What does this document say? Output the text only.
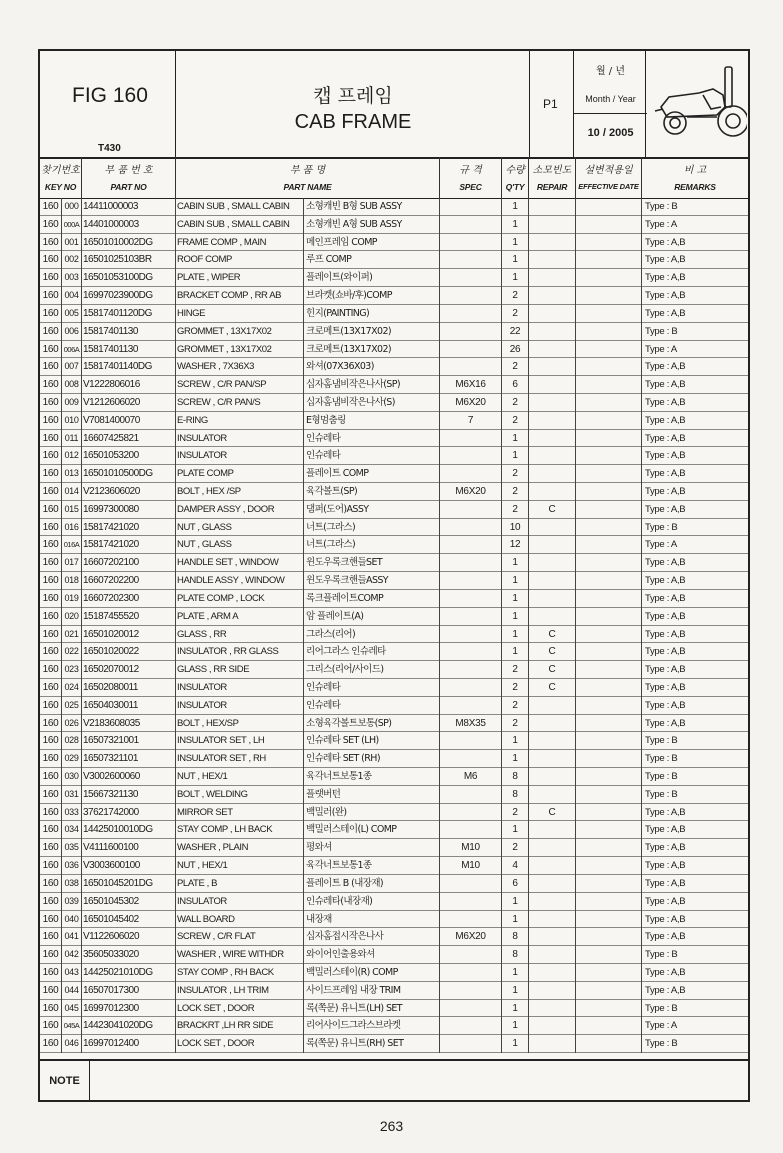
FIG 160
T430
캡 프레임
CAB FRAME
P1
월 / 년
Month / Year
10 / 2005
찾기번호
KEY NO
부 품 번 호
PART NO
부 품 명
PART NAME
규 격
SPEC
수량
Q'TY
소모빈도
REPAIR
설변적용일
EFFECTIVE DATE
비 고
REMARKS
160 000 14411000003	CABIN SUB , SMALL CABIN	소형캐빈 B형 SUB ASSY	1	Type : B
160 000A 14401000003	CABIN SUB , SMALL CABIN	소형캐빈 A형 SUB ASSY	1	Type : A
160 001 16501010002DG	FRAME COMP , MAIN	메인프레임 COMP	1	Type : A,B
160 002 16501025103BR	ROOF COMP	루프 COMP	1	Type : A,B
160 003 16501053100DG	PLATE , WIPER	플레이트(와이퍼)	1	Type : A,B
160 004 16997023900DG	BRACKET COMP , RR AB	브라켓(쇼바/후)COMP	2	Type : A,B
160 005 15817401120DG	HINGE	힌지(PAINTING)	2	Type : A,B
160 006 15817401130	GROMMET , 13X17X02	크로메트(13X17X02)	22	Type : B
160 006A 15817401130	GROMMET , 13X17X02	크로메트(13X17X02)	26	Type : A
160 007 15817401140DG	WASHER , 7X36X3	와셔(07X36X03)	2	Type : A,B
160 008 V1222806016	SCREW , C/R PAN/SP	십자홈냄비작은나사(SP)	M6X16	6	Type : A,B
160 009 V1212606020	SCREW , C/R PAN/S	십자홈냄비작은나사(S)	M6X20	2	Type : A,B
160 010 V7081400070	E-RING	E형멈춤링	7	2	Type : A,B
160 011 16607425821	INSULATOR	인슈레타	1	Type : A,B
160 012 16501053200	INSULATOR	인슈레타	1	Type : A,B
160 013 16501010500DG	PLATE COMP	플레이트 COMP	2	Type : A,B
160 014 V2123606020	BOLT , HEX /SP	육각볼트(SP)	M6X20	2	Type : A,B
160 015 16997300080	DAMPER ASSY , DOOR	댐퍼(도어)ASSY	2	C	Type : A,B
160 016 15817421020	NUT , GLASS	너트(그라스)	10	Type : B
160 016A 15817421020	NUT , GLASS	너트(그라스)	12	Type : A
160 017 16607202100	HANDLE SET , WINDOW	윈도우록크핸들SET	1	Type : A,B
160 018 16607202200	HANDLE ASSY , WINDOW	윈도우록크핸들ASSY	1	Type : A,B
160 019 16607202300	PLATE COMP , LOCK	록크플레이트COMP	1	Type : A,B
160 020 15187455520	PLATE , ARM A	암 플레이트(A)	1	Type : A,B
160 021 16501020012	GLASS , RR	그라스(리어)	1	C	Type : A,B
160 022 16501020022	INSULATOR , RR GLASS	리어그라스 인슈레타	1	C	Type : A,B
160 023 16502070012	GLASS , RR SIDE	그리스(리어/사이드)	2	C	Type : A,B
160 024 16502080011	INSULATOR	인슈레타	2	C	Type : A,B
160 025 16504030011	INSULATOR	인슈레타	2	Type : A,B
160 026 V2183608035	BOLT , HEX/SP	소형육각볼트보통(SP)	M8X35	2	Type : A,B
160 028 16507321001	INSULATOR SET , LH	인슈레타 SET (LH)	1	Type : B
160 029 16507321101	INSULATOR SET , RH	인슈레타 SET (RH)	1	Type : B
160 030 V3002600060	NUT , HEX/1	육각너트보통1종	M6	8	Type : B
160 031 15667321130	BOLT , WELDING	플랫버턴	8	Type : B
160 033 37621742000	MIRROR SET	백밀러(완)	2	C	Type : A,B
160 034 14425010010DG	STAY COMP , LH BACK	백밀러스테이(L) COMP	1	Type : A,B
160 035 V4111600100	WASHER , PLAIN	평와셔	M10	2	Type : A,B
160 036 V3003600100	NUT , HEX/1	육각너트보통1종	M10	4	Type : A,B
160 038 16501045201DG	PLATE , B	플레이트 B (내장재)	6	Type : A,B
160 039 16501045302	INSULATOR	인슈레타(내장재)	1	Type : A,B
160 040 16501045402	WALL BOARD	내장재	1	Type : A,B
160 041 V1122606020	SCREW , C/R FLAT	십자홈접시작은나사	M6X20	8	Type : A,B
160 042 35605033020	WASHER , WIRE WITHDR	와이어인출용와셔	8	Type : B
160 043 14425021010DG	STAY COMP , RH BACK	백밀러스테이(R) COMP	1	Type : A,B
160 044 16507017300	INSULATOR , LH TRIM	사이드프레임 내장 TRIM	1	Type : A,B
160 045 16997012300	LOCK SET , DOOR	록(쪽문) 유니트(LH) SET	1	Type : B
160 045A 14423041020DG	BRACKRT ,LH RR SIDE	리어사이드그라스브라켓	1	Type : A
160 046 16997012400	LOCK SET , DOOR	록(쪽문) 유니트(RH) SET	1	Type : B
NOTE
263
